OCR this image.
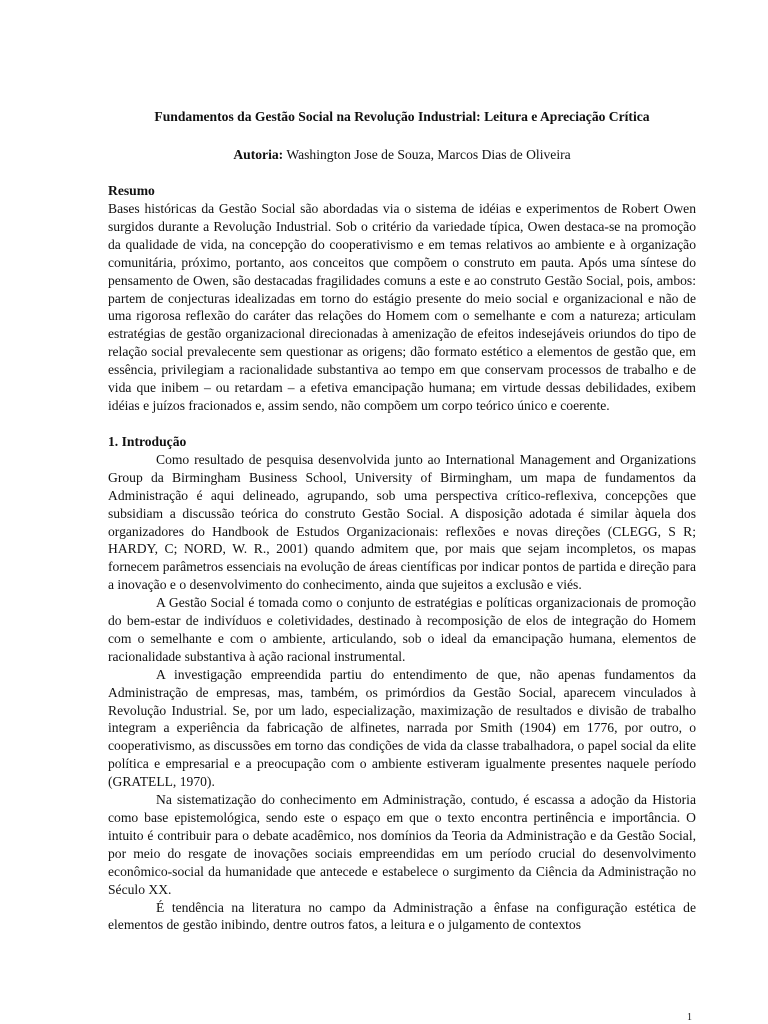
Fundamentos da Gestão Social na Revolução Industrial: Leitura e Apreciação Crítica

Autoria: Washington Jose de Souza, Marcos Dias de Oliveira
Resumo

Bases históricas da Gestão Social são abordadas via o sistema de idéias e experimentos de Robert Owen surgidos durante a Revolução Industrial. Sob o critério da variedade típica, Owen destaca-se na promoção da qualidade de vida, na concepção do cooperativismo e em temas relativos ao ambiente e à organização comunitária, próximo, portanto, aos conceitos que compõem o construto em pauta. Após uma síntese do pensamento de Owen, são destacadas fragilidades comuns a este e ao construto Gestão Social, pois, ambos: partem de conjecturas idealizadas em torno do estágio presente do meio social e organizacional e não de uma rigorosa reflexão do caráter das relações do Homem com o semelhante e com a natureza; articulam estratégias de gestão organizacional direcionadas à amenização de efeitos indesejáveis oriundos do tipo de relação social prevalecente sem questionar as origens; dão formato estético a elementos de gestão que, em essência, privilegiam a racionalidade substantiva ao tempo em que conservam processos de trabalho e de vida que inibem – ou retardam – a efetiva emancipação humana; em virtude dessas debilidades, exibem idéias e juízos fracionados e, assim sendo, não compõem um corpo teórico único e coerente.

1. Introdução

Como resultado de pesquisa desenvolvida junto ao International Management and Organizations Group da Birmingham Business School, University of Birmingham, um mapa de fundamentos da Administração é aqui delineado, agrupando, sob uma perspectiva crítico-reflexiva, concepções que subsidiam a discussão teórica do construto Gestão Social. A disposição adotada é similar àquela dos organizadores do Handbook de Estudos Organizacionais: reflexões e novas direções (CLEGG, S R; HARDY, C; NORD, W. R., 2001) quando admitem que, por mais que sejam incompletos, os mapas fornecem parâmetros essenciais na evolução de áreas científicas por indicar pontos de partida e direção para a inovação e o desenvolvimento do conhecimento, ainda que sujeitos a exclusão e viés.

A Gestão Social é tomada como o conjunto de estratégias e políticas organizacionais de promoção do bem-estar de indivíduos e coletividades, destinado à recomposição de elos de integração do Homem com o semelhante e com o ambiente, articulando, sob o ideal da emancipação humana, elementos de racionalidade substantiva à ação racional instrumental.

A investigação empreendida partiu do entendimento de que, não apenas fundamentos da Administração de empresas, mas, também, os primórdios da Gestão Social, aparecem vinculados à Revolução Industrial. Se, por um lado, especialização, maximização de resultados e divisão de trabalho integram a experiência da fabricação de alfinetes, narrada por Smith (1904) em 1776, por outro, o cooperativismo, as discussões em torno das condições de vida da classe trabalhadora, o papel social da elite política e empresarial e a preocupação com o ambiente estiveram igualmente presentes naquele período (GRATELL, 1970).

Na sistematização do conhecimento em Administração, contudo, é escassa a adoção da Historia como base epistemológica, sendo este o espaço em que o texto encontra pertinência e importância. O intuito é contribuir para o debate acadêmico, nos domínios da Teoria da Administração e da Gestão Social, por meio do resgate de inovações sociais empreendidas em um período crucial do desenvolvimento econômico-social da humanidade que antecede e estabelece o surgimento da Ciência da Administração no Século XX.

É tendência na literatura no campo da Administração a ênfase na configuração estética de elementos de gestão inibindo, dentre outros fatos, a leitura e o julgamento de contextos

1
